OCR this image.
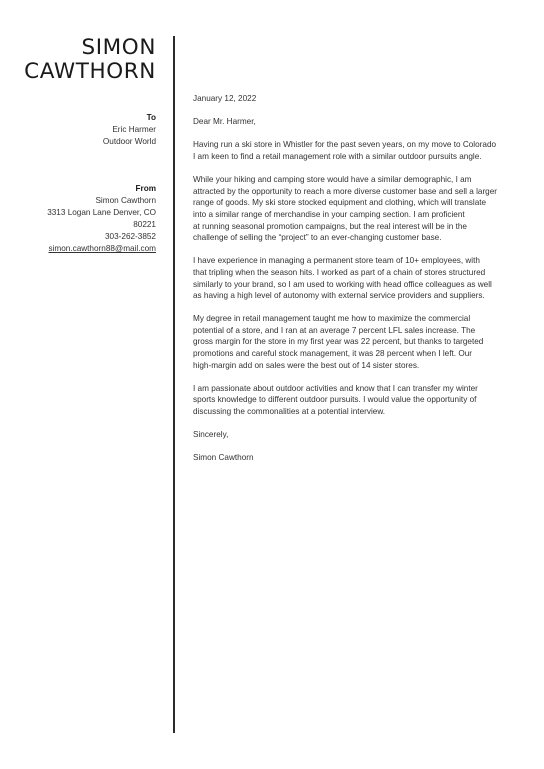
SIMON
CAWTHORN
To
Eric Harmer
Outdoor World
From
Simon Cawthorn
3313 Logan Lane Denver, CO
80221
303-262-3852
simon.cawthorn88@mail.com

January 12, 2022

Dear Mr. Harmer,

Having run a ski store in Whistler for the past seven years, on my move to Colorado
I am keen to find a retail management role with a similar outdoor pursuits angle.

While your hiking and camping store would have a similar demographic, I am
attracted by the opportunity to reach a more diverse customer base and sell a larger
range of goods. My ski store stocked equipment and clothing, which will translate
into a similar range of merchandise in your camping section. I am proficient
at running seasonal promotion campaigns, but the real interest will be in the
challenge of selling the “project” to an ever-changing customer base.

I have experience in managing a permanent store team of 10+ employees, with
that tripling when the season hits. I worked as part of a chain of stores structured
similarly to your brand, so I am used to working with head office colleagues as well
as having a high level of autonomy with external service providers and suppliers.

My degree in retail management taught me how to maximize the commercial
potential of a store, and I ran at an average 7 percent LFL sales increase. The
gross margin for the store in my first year was 22 percent, but thanks to targeted
promotions and careful stock management, it was 28 percent when I left. Our
high-margin add on sales were the best out of 14 sister stores.

I am passionate about outdoor activities and know that I can transfer my winter
sports knowledge to different outdoor pursuits. I would value the opportunity of
discussing the commonalities at a potential interview.

Sincerely,

Simon Cawthorn
